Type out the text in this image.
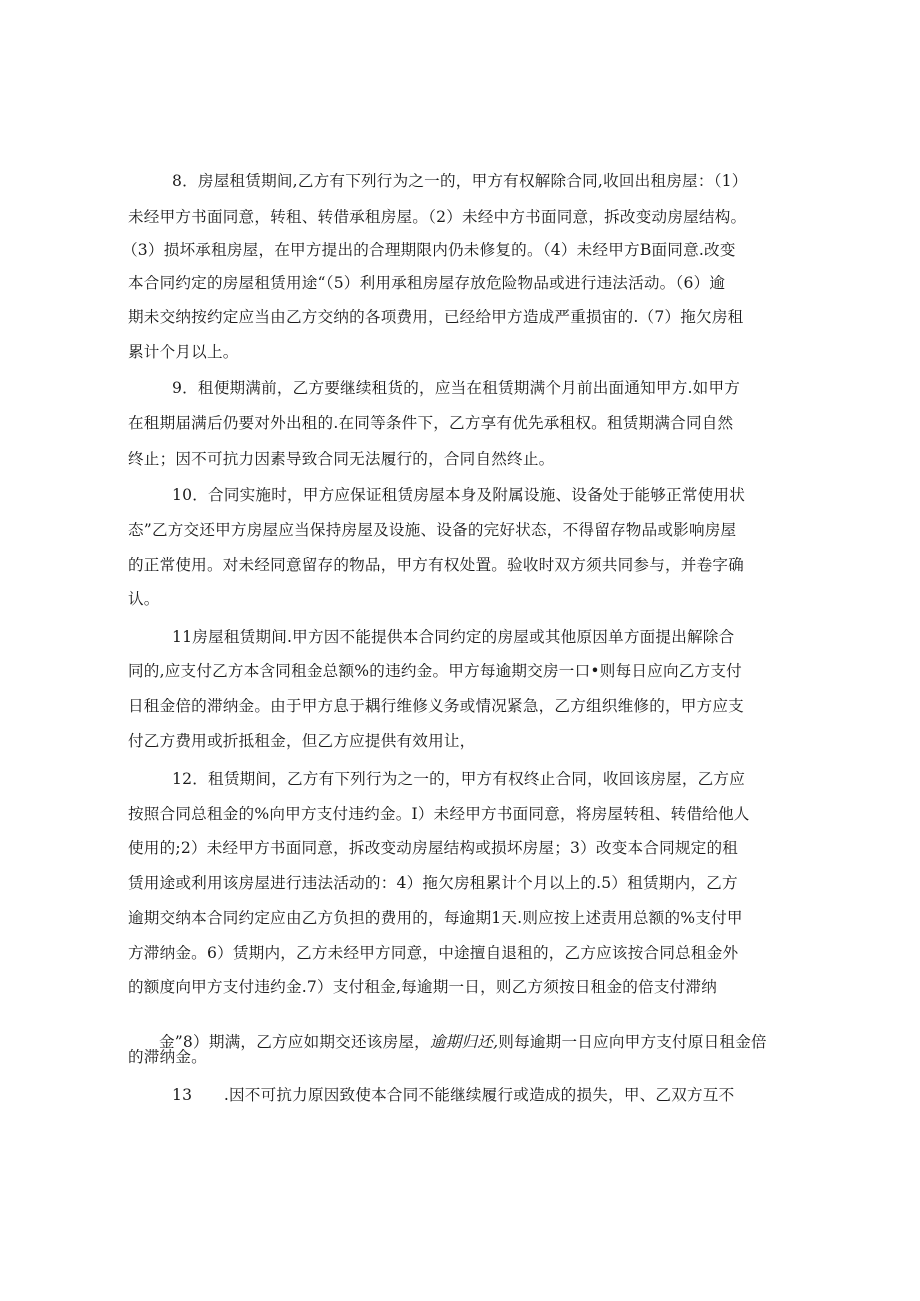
8．房屋租赁期间,乙方有下列行为之一的，甲方有权解除合同,收回出租房屋：（1）
未经甲方书面同意，转租、转借承租房屋。（2）未经中方书面同意，拆改变动房屋结构。
（3）损坏承租房屋，在甲方提出的合理期限内仍未修复的。（4）未经甲方B面同意.改变
本合同约定的房屋租赁用途“（5）利用承租房屋存放危险物品或进行违法活动。（6）逾
期未交纳按约定应当由乙方交纳的各项费用，已经给甲方造成严重损宙的.（7）拖欠房租
累计个月以上。
9．租便期满前，乙方要继续租货的，应当在租赁期满个月前出面通知甲方.如甲方
在租期届满后仍要对外出租的.在同等条件下，乙方享有优先承租权。租赁期满合同自然
终止；因不可抗力因素导致合同无法履行的，合同自然终止。
10．合同实施时，甲方应保证租赁房屋本身及附属设施、设备处于能够正常使用状
态”乙方交还甲方房屋应当保持房屋及设施、设备的完好状态，不得留存物品或影响房屋
的正常使用。对未经同意留存的物品，甲方有权处置。验收时双方须共同参与，并卷字确
认。
11房屋租赁期间.甲方因不能提供本合同约定的房屋或其他原因单方面提出解除合
同的,应支付乙方本含同租金总额%的违约金。甲方每逾期交房一口•则每日应向乙方支付
日租金倍的滞纳金。由于甲方息于耦行维修义务或情况紧急，乙方组织维修的，甲方应支
付乙方费用或折抵租金，但乙方应提供有效用让，
12．租赁期间，乙方有下列行为之一的，甲方有权终止合同，收回该房屋，乙方应
按照合同总租金的%向甲方支付违约金。I）未经甲方书面同意，将房屋转租、转借给他人
使用的;2）未经甲方书面同意，拆改变动房屋结构或损坏房屋；3）改变本合同规定的租
赁用途或利用该房屋进行违法活动的：4）拖欠房租累计个月以上的.5）租赁期内，乙方
逾期交纳本合同约定应由乙方负担的费用的，每逾期1天.则应按上述责用总额的%支付甲
方滞纳金。6）赁期内，乙方未经甲方同意，中途擅自退租的，乙方应该按合同总租金外
的额度向甲方支付违约金.7）支付租金,每逾期一日，则乙方须按日租金的倍支付滞纳

金”8）期满，乙方应如期交还该房屋，逾期归还,则每逾期一日应向甲方支付原日租金倍

的滞纳金。
13　　.因不可抗力原因致使本合同不能继续履行或造成的损失，甲、乙双方互不
